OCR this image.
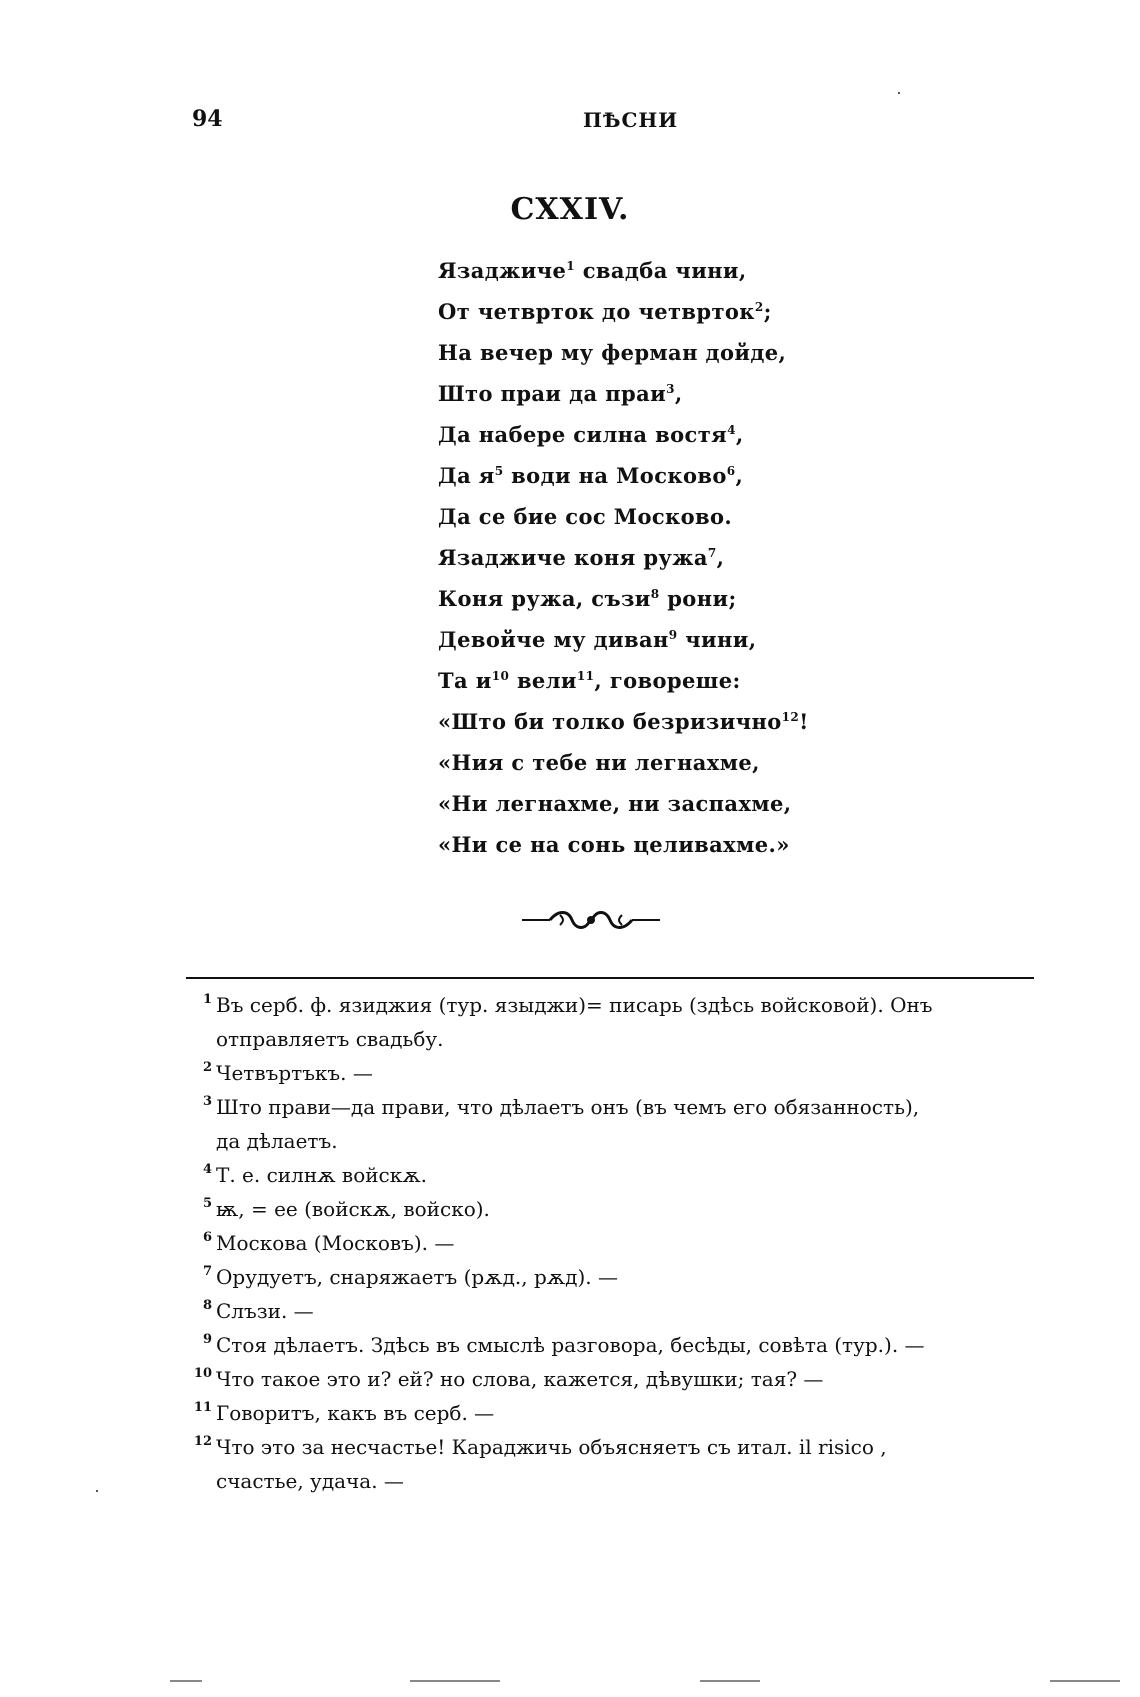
94	ПѢСНИ
CXXIV.
Язаджиче$^1$ свадба чини,
От четврток до четврток$^2$;
На вечер му ферман дойде,
Што праи да праи$^3$,
Да набере силна востя$^4$,
Да $я^5$ води на Москово$^6$,
Да се бие сос Москово.
Язаджиче коня ружа$^7$,
Коня ружа, съзи$^8$ рони;
Девойче му диван$^9$ чини,
Та $и^{10}$ вели$^{11}$, говореше:
«Што би толко безризично$^{12}$!
«Ния с тебе ни легнахме,
«Ни легнахме, ни заспахме,
«Ни се на сонь целивахме.»
1 Въ серб. ф. язиджия (тур. языджи)= писарь (здѣсь войсковой). Онъ
отправляетъ свадьбу.
2 Четвъртъкъ. —
3 Што прави—да прави, что дѣлаетъ онъ (въ чемъ его обязанность),
да дѣлаетъ.
4 Т. е. силнѫ войскѫ.
5 ѭ, = ее (войскѫ, войско).
6 Москова (Московъ). —
7 Орудуетъ, снаряжаетъ (рѫд., рѫд). —
8 Слъзи. —
9 Стоя дѣлаетъ. Здѣсь въ смыслѣ разговора, бесѣды, совѣта (тур.). —
10 Что такое это и? ей? но слова, кажется, дѣвушки; тая? —
11 Говоритъ, какъ въ серб. —
12 Что это за несчастье! Караджичь объясняетъ съ итал. il risico ,
счастье, удача. —
